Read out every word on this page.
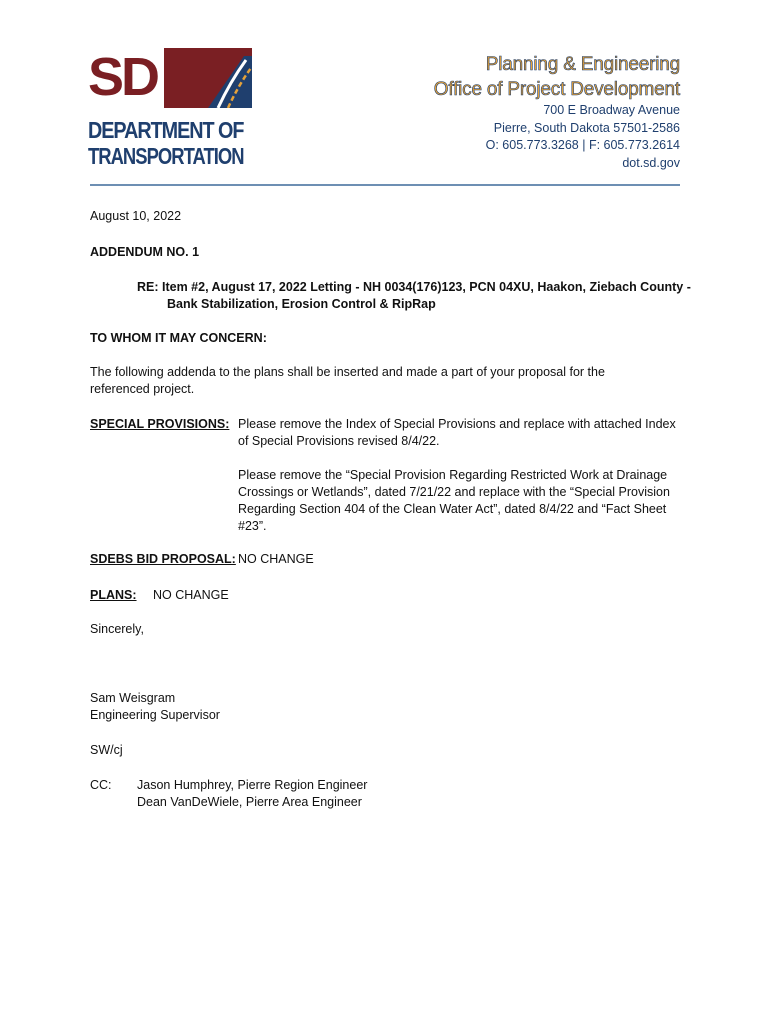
SD
DEPARTMENT OF
TRANSPORTATION
Planning & Engineering
Office of Project Development
700 E Broadway Avenue
Pierre, South Dakota 57501-2586
O: 605.773.3268 | F: 605.773.2614
dot.sd.gov
August 10, 2022
ADDENDUM NO. 1
RE: Item #2, August 17, 2022 Letting - NH 0034(176)123, PCN 04XU, Haakon, Ziebach County -
Bank Stabilization, Erosion Control & RipRap
TO WHOM IT MAY CONCERN:
The following addenda to the plans shall be inserted and made a part of your proposal for the
referenced project.
SPECIAL PROVISIONS: Please remove the Index of Special Provisions and replace with attached Index
of Special Provisions revised 8/4/22.
Please remove the “Special Provision Regarding Restricted Work at Drainage
Crossings or Wetlands”, dated 7/21/22 and replace with the “Special Provision
Regarding Section 404 of the Clean Water Act”, dated 8/4/22 and “Fact Sheet
#23”.
SDEBS BID PROPOSAL: NO CHANGE
PLANS: NO CHANGE
Sincerely,
Sam Weisgram
Engineering Supervisor
SW/cj
CC: Jason Humphrey, Pierre Region Engineer
Dean VanDeWiele, Pierre Area Engineer
